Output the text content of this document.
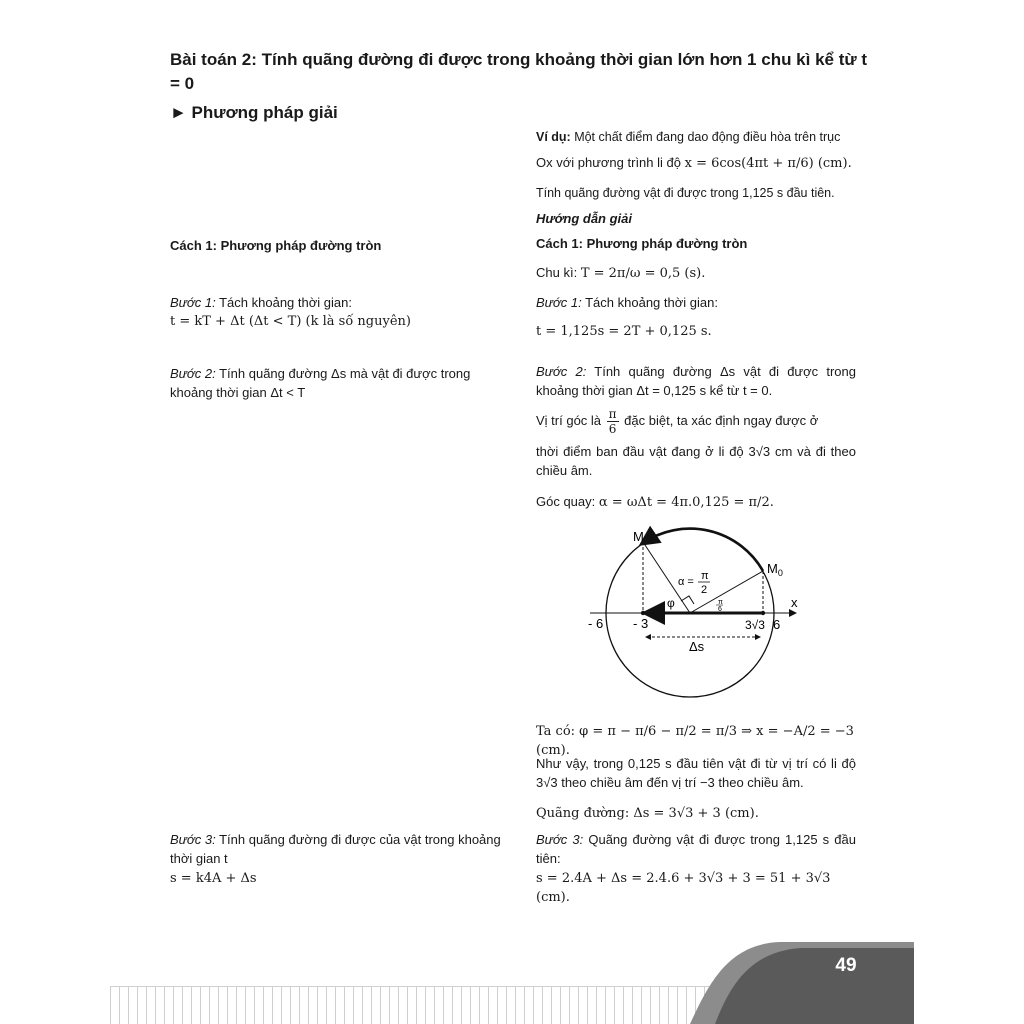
Bài toán 2: Tính quãng đường đi được trong khoảng thời gian lớn hơn 1 chu kì kể từ t = 0
► Phương pháp giải
Ví dụ: Một chất điểm đang dao động điều hòa trên trục
Ox với phương trình li độ x = 6cos(4πt + π/6) (cm).
Tính quãng đường vật đi được trong 1,125 s đầu tiên.
Hướng dẫn giải
Cách 1: Phương pháp đường tròn	Cách 1: Phương pháp đường tròn
Chu kì: T = 2π/ω = 0,5 (s).
Bước 1: Tách khoảng thời gian:
t = kT + Δt (Δt < T) (k là số nguyên)
Bước 1: Tách khoảng thời gian:
t = 1,125s = 2T + 0,125 s.
Bước 2: Tính quãng đường Δs mà vật đi được trong khoảng thời gian Δt < T
Bước 2: Tính quãng đường Δs vật đi được trong khoảng thời gian Δt = 0,125 s kể từ t = 0.
Vị trí góc là $\frac{\pi}{6}$ đặc biệt, ta xác định ngay được ở
thời điểm ban đầu vật đang ở li độ 3√3 cm và đi theo chiều âm.
Góc quay: α = ωΔt = 4π.0,125 = π/2.
M
$M_0$
x
- 6 - 3	3√3 6
α = π
2
φ	π
6
Δs
Ta có: φ = π − π/6 − π/2 = π/3 ⇒ x = −A/2 = −3 (cm).
Như vậy, trong 0,125 s đầu tiên vật đi từ vị trí có li độ 3√3 theo chiều âm đến vị trí −3 theo chiều âm.
Quãng đường: Δs = 3√3 + 3 (cm).
Bước 3: Tính quãng đường đi được của vật trong khoảng thời gian t
s = k4A + Δs
Bước 3: Quãng đường vật đi được trong 1,125 s đầu tiên:
s = 2.4A + Δs = 2.4.6 + 3√3 + 3 = 51 + 3√3 (cm).
49
